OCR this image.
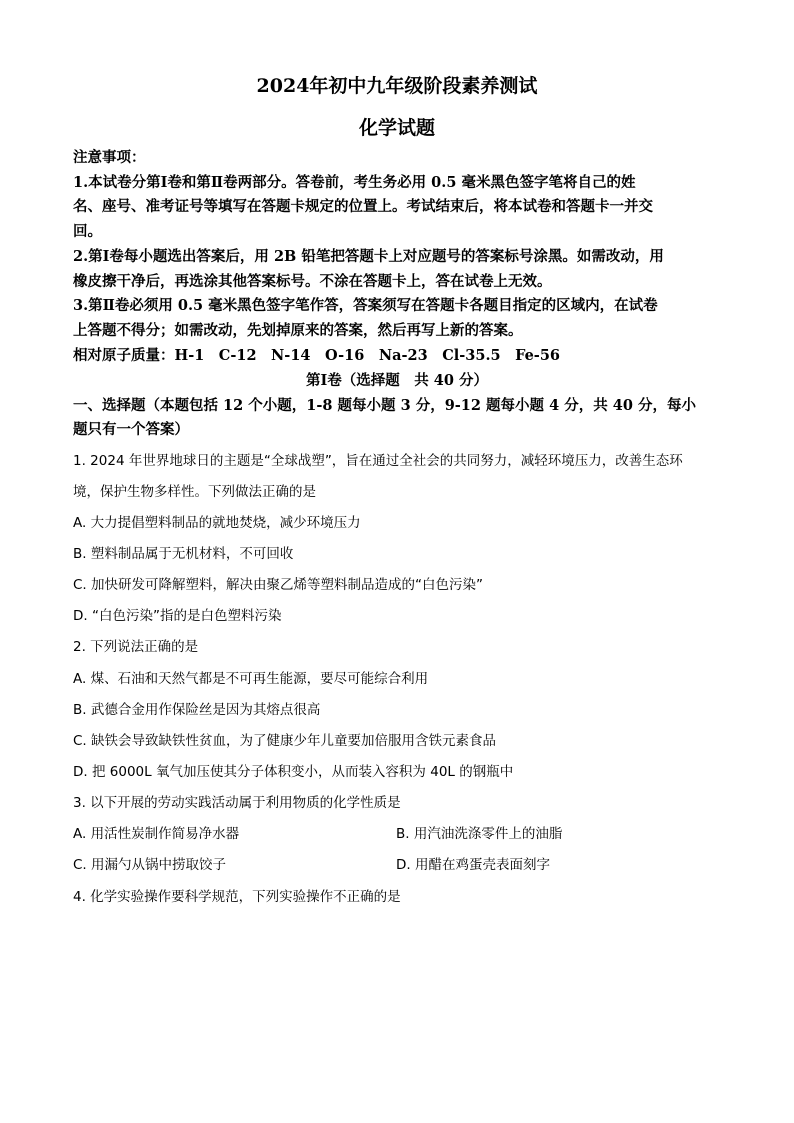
2024年初中九年级阶段素养测试
化学试题
注意事项：
1.本试卷分第Ⅰ卷和第Ⅱ卷两部分。答卷前，考生务必用 0.5 毫米黑色签字笔将自己的姓
名、座号、准考证号等填写在答题卡规定的位置上。考试结束后，将本试卷和答题卡一并交
回。
2.第Ⅰ卷每小题选出答案后，用 2B 铅笔把答题卡上对应题号的答案标号涂黑。如需改动，用
橡皮擦干净后，再选涂其他答案标号。不涂在答题卡上，答在试卷上无效。
3.第Ⅱ卷必须用 0.5 毫米黑色签字笔作答，答案须写在答题卡各题目指定的区域内，在试卷
上答题不得分；如需改动，先划掉原来的答案，然后再写上新的答案。
相对原子质量：H-1　C-12　N-14　O-16　Na-23　Cl-35.5　Fe-56
第Ⅰ卷（选择题　共 40 分）
一、选择题（本题包括 12 个小题，1-8 题每小题 3 分，9-12 题每小题 4 分，共 40 分，每小
题只有一个答案）
1. 2024 年世界地球日的主题是“全球战塑”，旨在通过全社会的共同努力，减轻环境压力，改善生态环
境，保护生物多样性。下列做法正确的是
A. 大力提倡塑料制品的就地焚烧，减少环境压力
B. 塑料制品属于无机材料，不可回收
C. 加快研发可降解塑料，解决由聚乙烯等塑料制品造成的“白色污染”
D. “白色污染”指的是白色塑料污染
2. 下列说法正确的是
A. 煤、石油和天然气都是不可再生能源，要尽可能综合利用
B. 武德合金用作保险丝是因为其熔点很高
C. 缺铁会导致缺铁性贫血，为了健康少年儿童要加倍服用含铁元素食品
D. 把 6000L 氧气加压使其分子体积变小，从而装入容积为 40L 的钢瓶中
3. 以下开展的劳动实践活动属于利用物质的化学性质是
A. 用活性炭制作简易净水器	B. 用汽油洗涤零件上的油脂
C. 用漏勺从锅中捞取饺子	D. 用醋在鸡蛋壳表面刻字
4. 化学实验操作要科学规范，下列实验操作不正确的是
